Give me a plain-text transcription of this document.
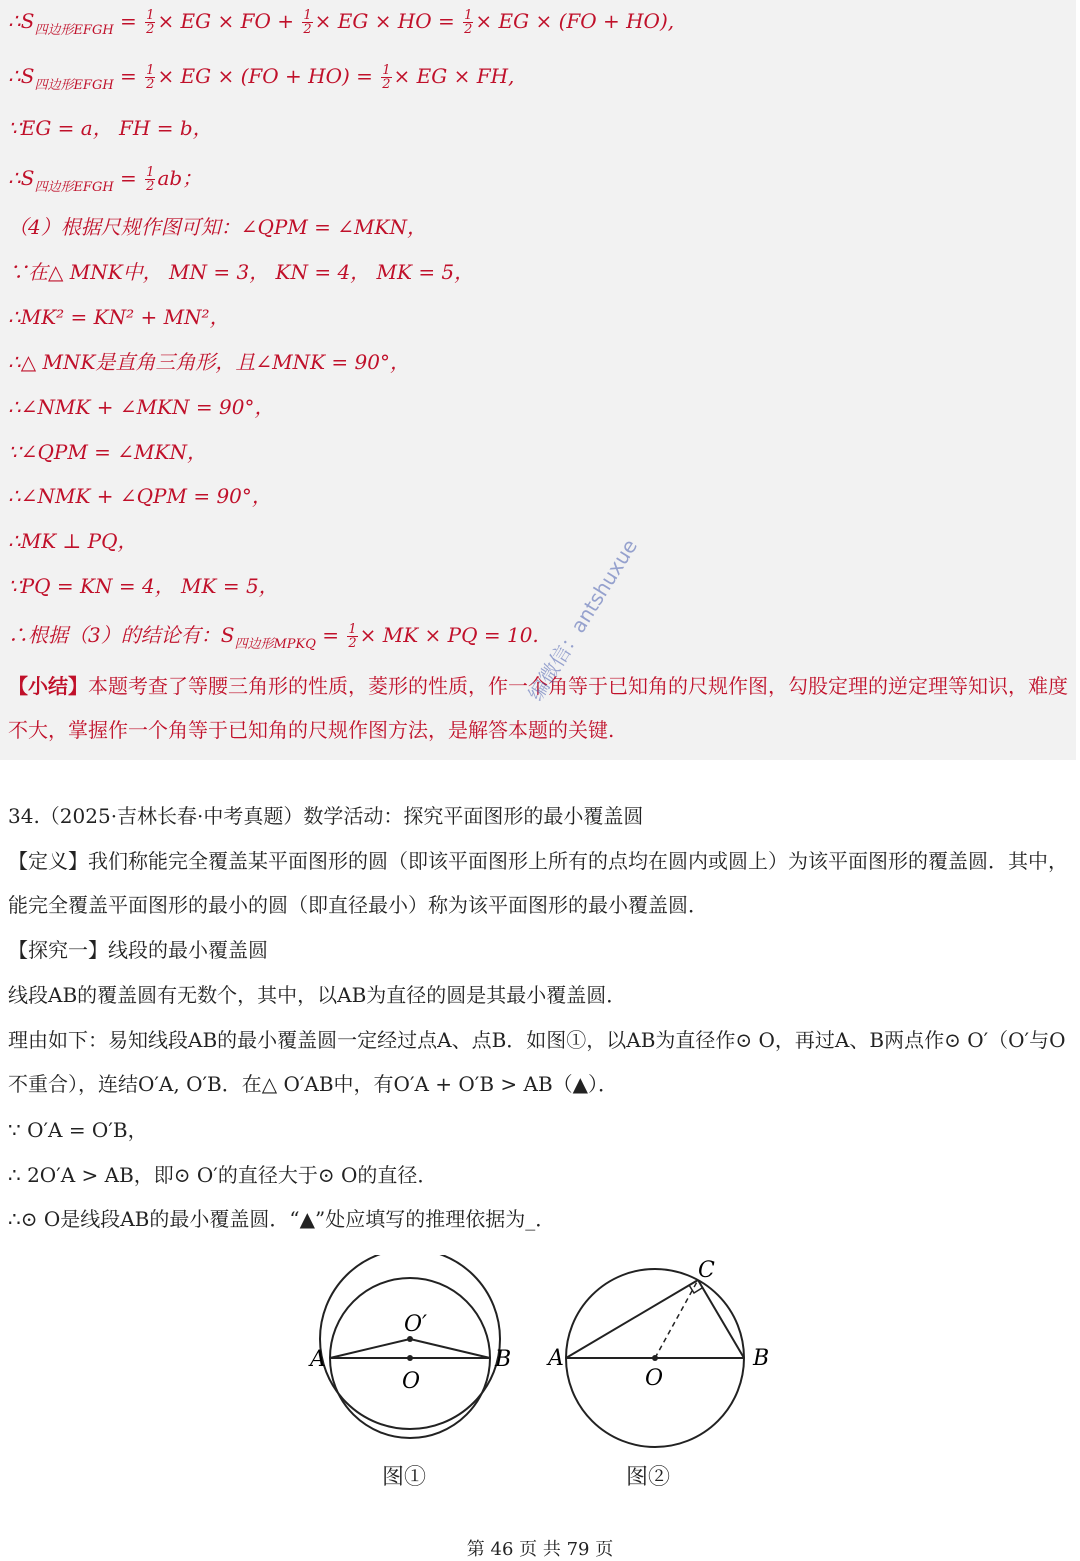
$\therefore S_{四边形EFGH} = \frac{1}{2}$ × EG × FO + $\frac{1}{2}$ × EG × HO = $\frac{1}{2}$ × EG × (FO + HO),
$\therefore S_{四边形EFGH} = \frac{1}{2}$ × EG × $(FO + HO) = \frac{1}{2}$ × EG × FH,
∵EG = a， FH = b，
$\therefore S_{四边形EFGH} = \frac{1}{2}$ ab；
（4）根据尺规作图可知：∠QPM = ∠MKN，
∵在△ MNK中， MN = 3， KN = 4， MK = 5，
∴MK² = KN² + MN²，
∴△ MNK是直角三角形，且∠MNK = 90°，
∴∠NMK + ∠MKN = 90°，
∵∠QPM = ∠MKN，
∴∠NMK + ∠QPM = 90°，
∴MK ⊥ PQ，
∵PQ = KN = 4， MK = 5，
∴根据（3）的结论有：$S_{四边形MPKQ} = \frac{1}{2}$ × MK × PQ = 10.
【小结】本题考查了等腰三角形的性质，菱形的性质，作一个角等于已知角的尺规作图，勾股定理的逆定理等知识，难度不大，掌握作一个角等于已知角的尺规作图方法，是解答本题的关键.
编微信：antshuxue
34.（2025·吉林长春·中考真题）数学活动：探究平面图形的最小覆盖圆
【定义】我们称能完全覆盖某平面图形的圆（即该平面图形上所有的点均在圆内或圆上）为该平面图形的覆盖圆．其中，能完全覆盖平面图形的最小的圆（即直径最小）称为该平面图形的最小覆盖圆．
【探究一】线段的最小覆盖圆
线段AB的覆盖圆有无数个，其中，以AB为直径的圆是其最小覆盖圆．
理由如下：易知线段AB的最小覆盖圆一定经过点A、点B．如图①，以AB为直径作⊙ O，再过A、B两点作⊙ O′（O′与O不重合），连结O′A, O′B．在△ O′AB中，有O′A + O′B > AB（▲）．
∵ O′A = O′B，
∴ 2O′A > AB，即⊙ O′的直径大于⊙ O的直径．
∴⊙ O是线段AB的最小覆盖圆．“▲”处应填写的推理依据为_．
A	B
O
O′
图①
A	B
O
C
图②
第 46 页 共 79 页
